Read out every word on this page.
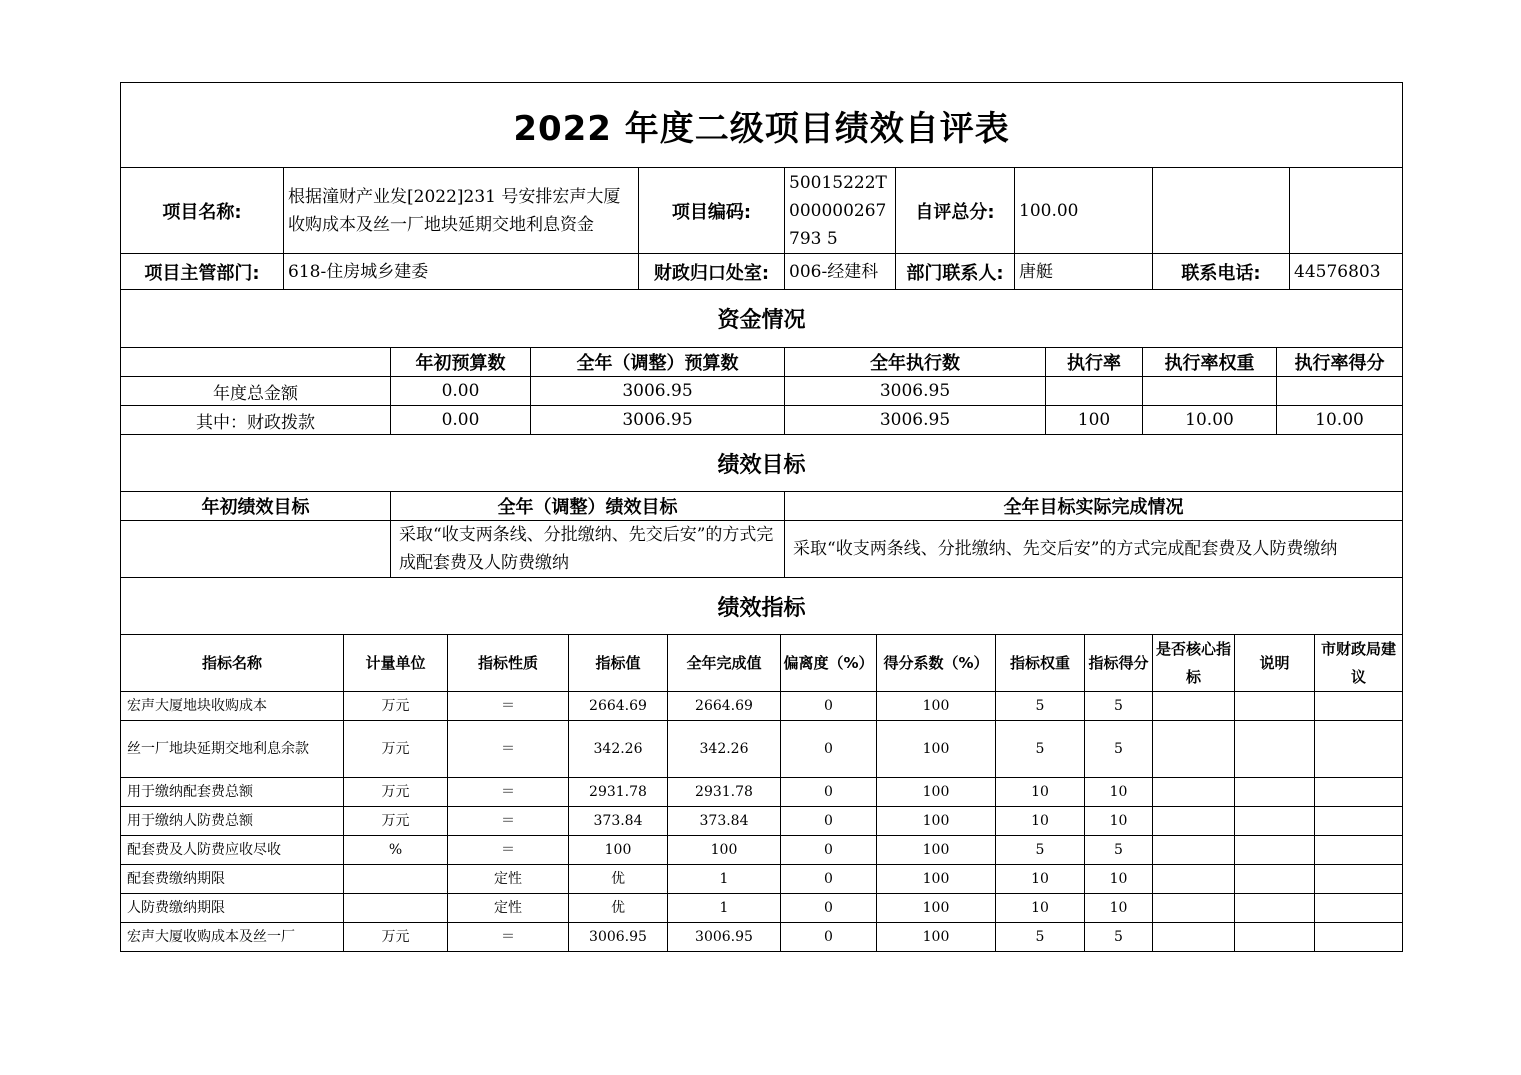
2022 年度二级项目绩效自评表							
项目名称:	根据潼财产业发[2022]231 号安排宏声大厦收购成本及丝一厂地块延期交地利息资金	项目编码:	50015222T000000267793 5	自评总分:	100.00		
项目主管部门:	618-住房城乡建委	财政归口处室:	006-经建科	部门联系人:	唐艇	联系电话:	44576803
资金情况						
	年初预算数	全年（调整）预算数	全年执行数	执行率	执行率权重	执行率得分
年度总金额	0.00	3006.95	3006.95			
其中：财政拨款	0.00	3006.95	3006.95	100	10.00	10.00
绩效目标						
年初绩效目标	全年（调整）绩效目标		全年目标实际完成情况			
	采取“收支两条线、分批缴纳、先交后安”的方式完成配套费及人防费缴纳		采取“收支两条线、分批缴纳、先交后安”的方式完成配套费及人防费缴纳			
绩效指标											
指标名称	计量单位	指标性质	指标值	全年完成值	偏离度（%）	得分系数（%）	指标权重	指标得分	是否核心指标	说明	市财政局建议
宏声大厦地块收购成本	万元	＝	2664.69	2664.69	0	100	5	5			
丝一厂地块延期交地利息余款	万元	＝	342.26	342.26	0	100	5	5			
用于缴纳配套费总额	万元	＝	2931.78	2931.78	0	100	10	10			
用于缴纳人防费总额	万元	＝	373.84	373.84	0	100	10	10			
配套费及人防费应收尽收	%	＝	100	100	0	100	5	5			
配套费缴纳期限		定性	优	1	0	100	10	10			
人防费缴纳期限		定性	优	1	0	100	10	10			
宏声大厦收购成本及丝一厂	万元	＝	3006.95	3006.95	0	100	5	5			
